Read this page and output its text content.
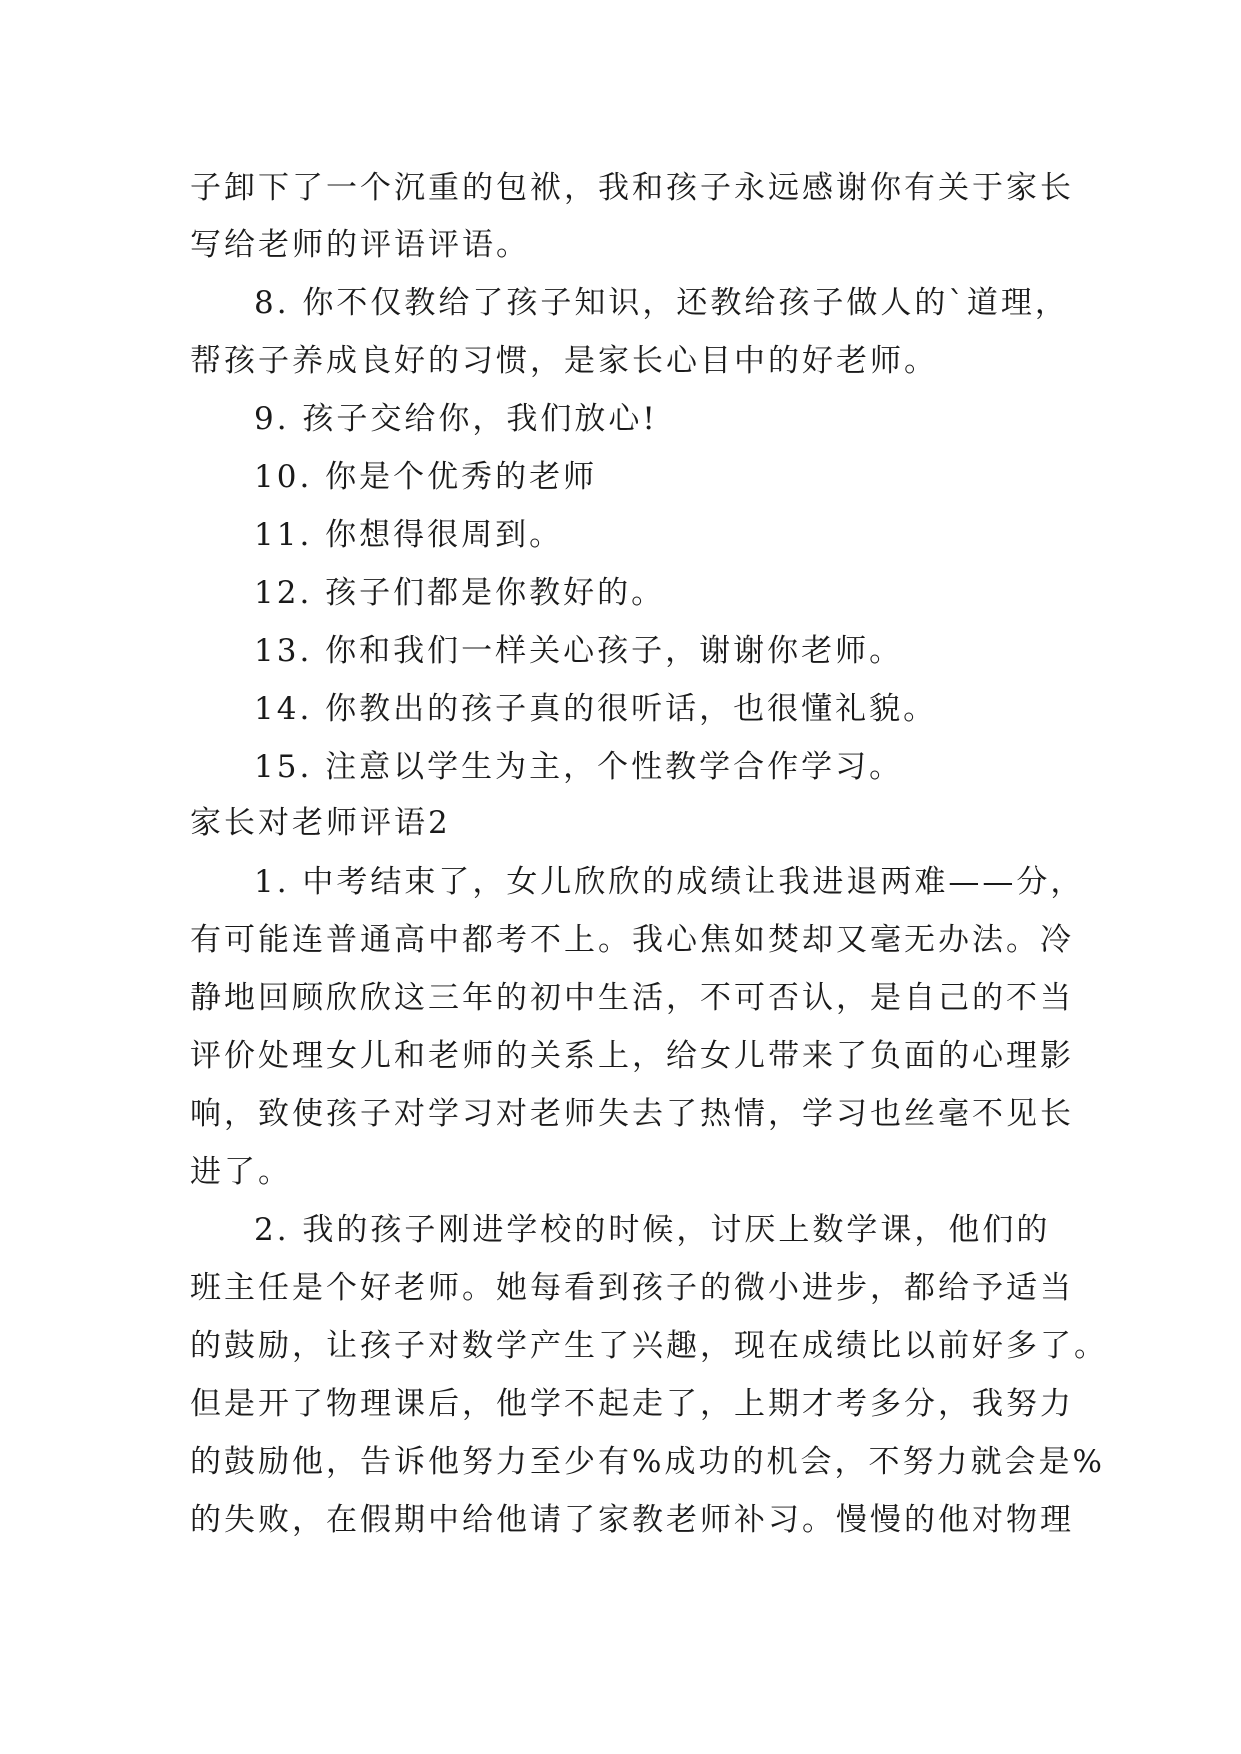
子卸下了一个沉重的包袱，我和孩子永远感谢你有关于家长
写给老师的评语评语。
8. 你不仅教给了孩子知识，还教给孩子做人的`道理，
帮孩子养成良好的习惯，是家长心目中的好老师。
9. 孩子交给你，我们放心!
10. 你是个优秀的老师
11. 你想得很周到。
12. 孩子们都是你教好的。
13. 你和我们一样关心孩子，谢谢你老师。
14. 你教出的孩子真的很听话，也很懂礼貌。
15. 注意以学生为主，个性教学合作学习。
家长对老师评语2
1. 中考结束了，女儿欣欣的成绩让我进退两难——分，
有可能连普通高中都考不上。我心焦如焚却又毫无办法。冷
静地回顾欣欣这三年的初中生活，不可否认，是自己的不当
评价处理女儿和老师的关系上，给女儿带来了负面的心理影
响，致使孩子对学习对老师失去了热情，学习也丝毫不见长
进了。
2. 我的孩子刚进学校的时候，讨厌上数学课，他们的
班主任是个好老师。她每看到孩子的微小进步，都给予适当
的鼓励，让孩子对数学产生了兴趣，现在成绩比以前好多了。
但是开了物理课后，他学不起走了，上期才考多分，我努力
的鼓励他，告诉他努力至少有%成功的机会，不努力就会是%
的失败，在假期中给他请了家教老师补习。慢慢的他对物理
